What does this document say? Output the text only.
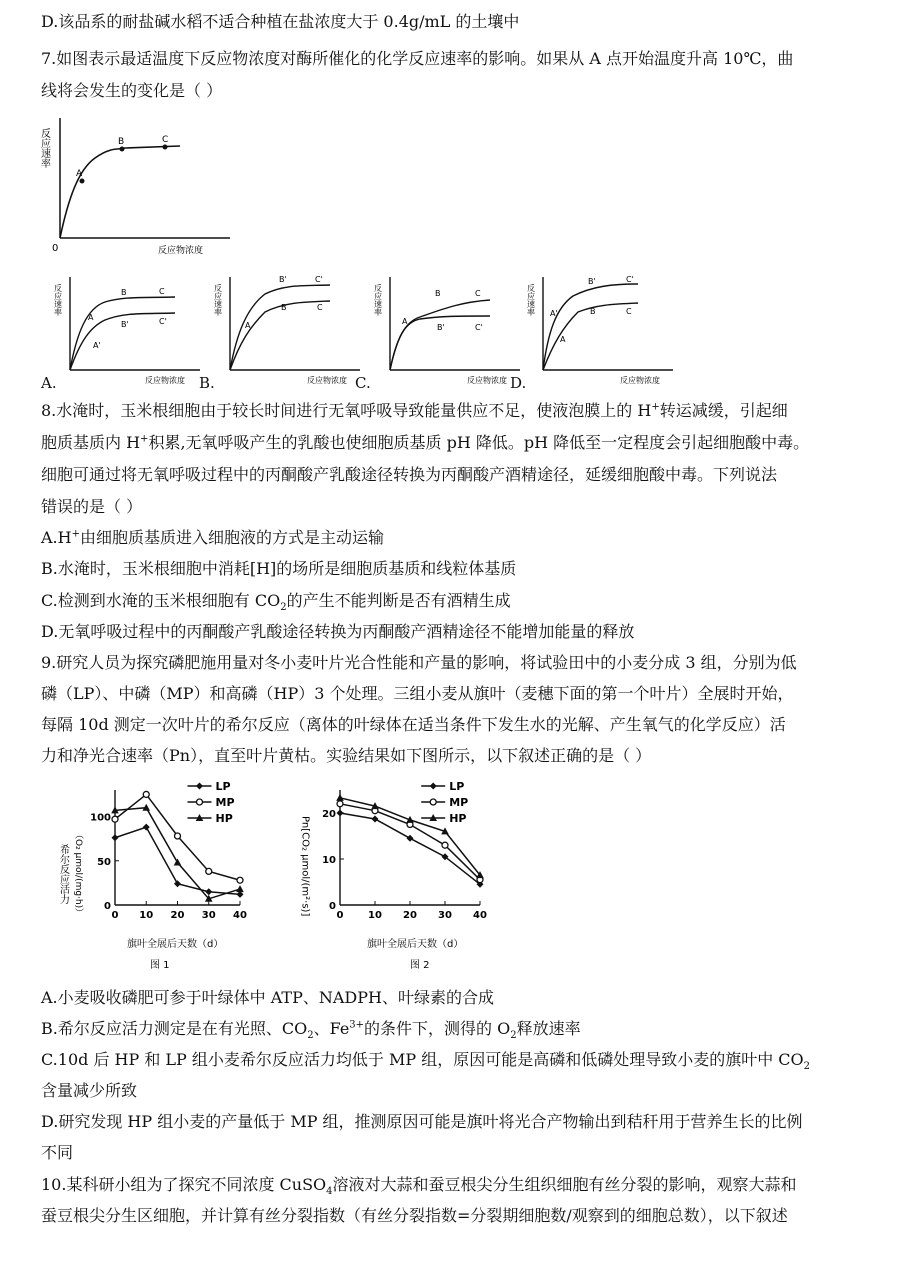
D.该品系的耐盐碱水稻不适合种植在盐浓度大于 0.4g/mL 的土壤中
7.如图表示最适温度下反应物浓度对酶所催化的化学反应速率的影响。如果从 A 点开始温度升高 10℃，曲
线将会发生的变化是（ ）
反应速率
0	反应物浓度
A
B	C
反应速率
反应物浓度
A
B	C
A'
B'	C'
反应速率
反应物浓度
A
B'	C'
B	C	反应速率
反应物浓度
A
B	C
B'	C'
反应速率
反应物浓度
A'
A
B'	C'
B	C
A.	B.	C.	D.
8.水淹时，玉米根细胞由于较长时间进行无氧呼吸导致能量供应不足，使液泡膜上的 H+转运减缓，引起细
胞质基质内 H+积累,无氧呼吸产生的乳酸也使细胞质基质 pH 降低。pH 降低至一定程度会引起细胞酸中毒。
细胞可通过将无氧呼吸过程中的丙酮酸产乳酸途径转换为丙酮酸产酒精途径，延缓细胞酸中毒。下列说法
错误的是（ ）
A.H+由细胞质基质进入细胞液的方式是主动运输
B.水淹时，玉米根细胞中消耗[H]的场所是细胞质基质和线粒体基质
C.检测到水淹的玉米根细胞有 $CO_2$的产生不能判断是否有酒精生成
D.无氧呼吸过程中的丙酮酸产乳酸途径转换为丙酮酸产酒精途径不能增加能量的释放
9.研究人员为探究磷肥施用量对冬小麦叶片光合性能和产量的影响，将试验田中的小麦分成 3 组，分别为低
磷（LP）、中磷（MP）和高磷（HP）3 个处理。三组小麦从旗叶（麦穗下面的第一个叶片）全展时开始，
每隔 10d 测定一次叶片的希尔反应（离体的叶绿体在适当条件下发生水的光解、产生氧气的化学反应）活
力和净光合速率（Pn），直至叶片黄枯。实验结果如下图所示，以下叙述正确的是（ ）
希尔反应活力 （O₂ μmol/(mg·h)）
旗叶全展后天数（d）
图 1
0 10 20 30 40
0
50
100
LP
MP
HP	Pn[CO₂ μmol/(m²·s)]
旗叶全展后天数（d）
图 2
0 10 20 30 40
0
10
20
LP
MP
HP
A.小麦吸收磷肥可参于叶绿体中 ATP、NADPH、叶绿素的合成
B.希尔反应活力测定是在有光照、$CO_2$、$Fe^{3+}$的条件下，测得的 $O_2$释放速率
C.10d 后 HP 和 LP 组小麦希尔反应活力均低于 MP 组，原因可能是高磷和低磷处理导致小麦的旗叶中 $CO_2$
含量减少所致
D.研究发现 HP 组小麦的产量低于 MP 组，推测原因可能是旗叶将光合产物输出到秸秆用于营养生长的比例
不同
10.某科研小组为了探究不同浓度 CuSO$_4$溶液对大蒜和蚕豆根尖分生组织细胞有丝分裂的影响，观察大蒜和
蚕豆根尖分生区细胞，并计算有丝分裂指数（有丝分裂指数=分裂期细胞数/观察到的细胞总数），以下叙述
